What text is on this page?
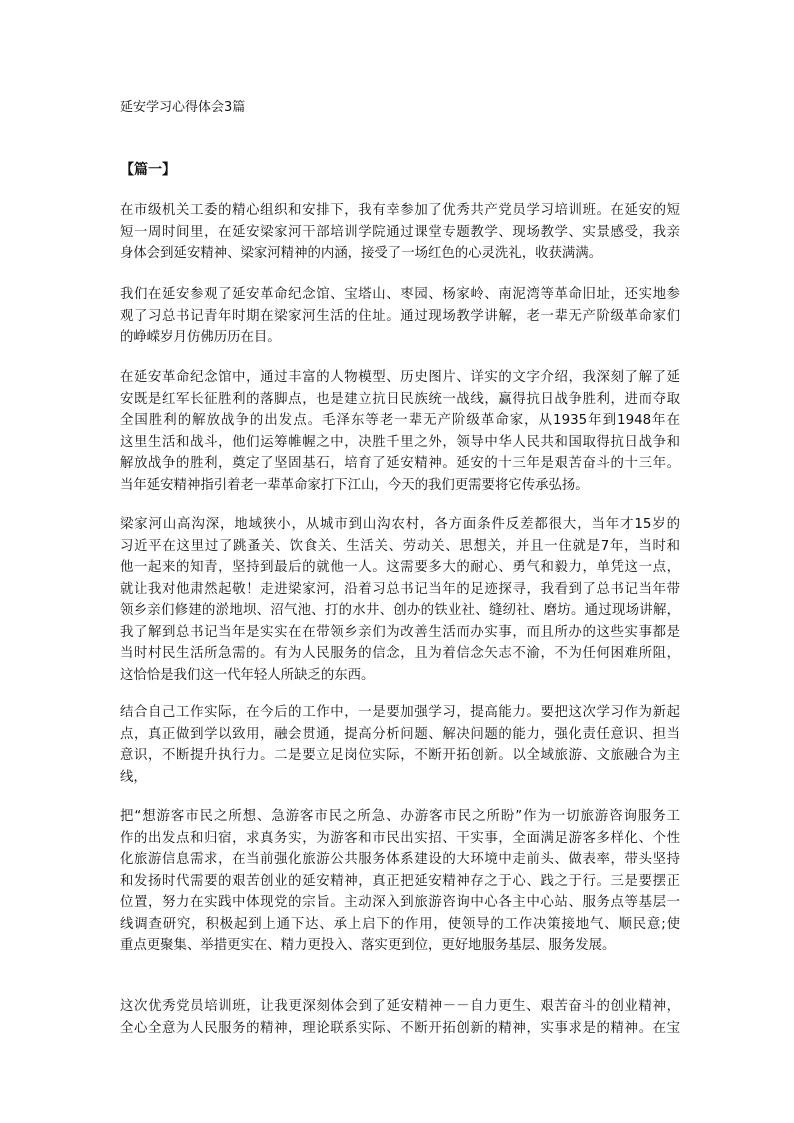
延安学习心得体会3篇
【篇一】
在市级机关工委的精心组织和安排下，我有幸参加了优秀共产党员学习培训班。在延安的短
短一周时间里，在延安梁家河干部培训学院通过课堂专题教学、现场教学、实景感受，我亲
身体会到延安精神、梁家河精神的内涵，接受了一场红色的心灵洗礼，收获满满。
我们在延安参观了延安革命纪念馆、宝塔山、枣园、杨家岭、南泥湾等革命旧址，还实地参
观了习总书记青年时期在梁家河生活的住址。通过现场教学讲解，老一辈无产阶级革命家们
的峥嵘岁月仿佛历历在目。
在延安革命纪念馆中，通过丰富的人物模型、历史图片、详实的文字介绍，我深刻了解了延
安既是红军长征胜利的落脚点，也是建立抗日民族统一战线，赢得抗日战争胜利，进而夺取
全国胜利的解放战争的出发点。毛泽东等老一辈无产阶级革命家，从1935年到1948年在
这里生活和战斗，他们运筹帷幄之中，决胜千里之外，领导中华人民共和国取得抗日战争和
解放战争的胜利，奠定了坚固基石，培育了延安精神。延安的十三年是艰苦奋斗的十三年。
当年延安精神指引着老一辈革命家打下江山，今天的我们更需要将它传承弘扬。
梁家河山高沟深，地域狭小，从城市到山沟农村，各方面条件反差都很大，当年才15岁的
习近平在这里过了跳蚤关、饮食关、生活关、劳动关、思想关，并且一住就是7年，当时和
他一起来的知青，坚持到最后的就他一人。这需要多大的耐心、勇气和毅力，单凭这一点，
就让我对他肃然起敬！走进梁家河，沿着习总书记当年的足迹探寻，我看到了总书记当年带
领乡亲们修建的淤地坝、沼气池、打的水井、创办的铁业社、缝纫社、磨坊。通过现场讲解，
我了解到总书记当年是实实在在带领乡亲们为改善生活而办实事，而且所办的这些实事都是
当时村民生活所急需的。有为人民服务的信念，且为着信念矢志不渝，不为任何困难所阻，
这恰恰是我们这一代年轻人所缺乏的东西。
结合自己工作实际，在今后的工作中，一是要加强学习，提高能力。要把这次学习作为新起
点，真正做到学以致用，融会贯通，提高分析问题、解决问题的能力，强化责任意识、担当
意识，不断提升执行力。二是要立足岗位实际，不断开拓创新。以全域旅游、文旅融合为主
线，
把“想游客市民之所想、急游客市民之所急、办游客市民之所盼”作为一切旅游咨询服务工
作的出发点和归宿，求真务实，为游客和市民出实招、干实事，全面满足游客多样化、个性
化旅游信息需求，在当前强化旅游公共服务体系建设的大环境中走前头、做表率，带头坚持
和发扬时代需要的艰苦创业的延安精神，真正把延安精神存之于心、践之于行。三是要摆正
位置，努力在实践中体现党的宗旨。主动深入到旅游咨询中心各主中心站、服务点等基层一
线调查研究，积极起到上通下达、承上启下的作用，使领导的工作决策接地气、顺民意;使
重点更聚集、举措更实在、精力更投入、落实更到位，更好地服务基层、服务发展。
这次优秀党员培训班，让我更深刻体会到了延安精神－－自力更生、艰苦奋斗的创业精神，
全心全意为人民服务的精神，理论联系实际、不断开拓创新的精神，实事求是的精神。在宝
